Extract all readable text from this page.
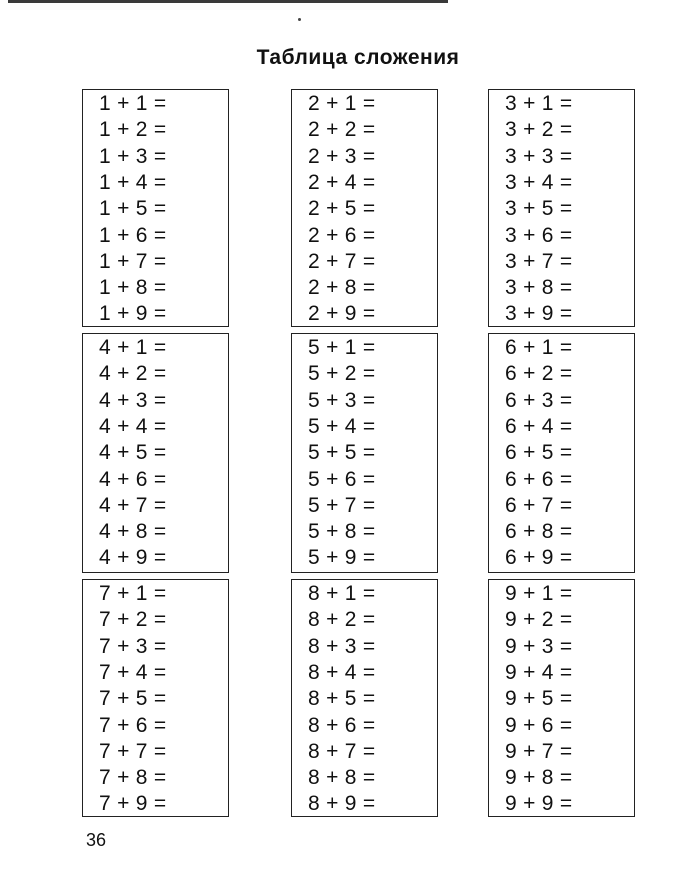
Таблица сложения
1 + 1 =
1 + 2 =
1 + 3 =
1 + 4 =
1 + 5 =
1 + 6 =
1 + 7 =
1 + 8 =
1 + 9 =
2 + 1 =
2 + 2 =
2 + 3 =
2 + 4 =
2 + 5 =
2 + 6 =
2 + 7 =
2 + 8 =
2 + 9 =
3 + 1 =
3 + 2 =
3 + 3 =
3 + 4 =
3 + 5 =
3 + 6 =
3 + 7 =
3 + 8 =
3 + 9 =
4 + 1 =
4 + 2 =
4 + 3 =
4 + 4 =
4 + 5 =
4 + 6 =
4 + 7 =
4 + 8 =
4 + 9 =
5 + 1 =
5 + 2 =
5 + 3 =
5 + 4 =
5 + 5 =
5 + 6 =
5 + 7 =
5 + 8 =
5 + 9 =
6 + 1 =
6 + 2 =
6 + 3 =
6 + 4 =
6 + 5 =
6 + 6 =
6 + 7 =
6 + 8 =
6 + 9 =
7 + 1 =
7 + 2 =
7 + 3 =
7 + 4 =
7 + 5 =
7 + 6 =
7 + 7 =
7 + 8 =
7 + 9 =
8 + 1 =
8 + 2 =
8 + 3 =
8 + 4 =
8 + 5 =
8 + 6 =
8 + 7 =
8 + 8 =
8 + 9 =
9 + 1 =
9 + 2 =
9 + 3 =
9 + 4 =
9 + 5 =
9 + 6 =
9 + 7 =
9 + 8 =
9 + 9 =
36
